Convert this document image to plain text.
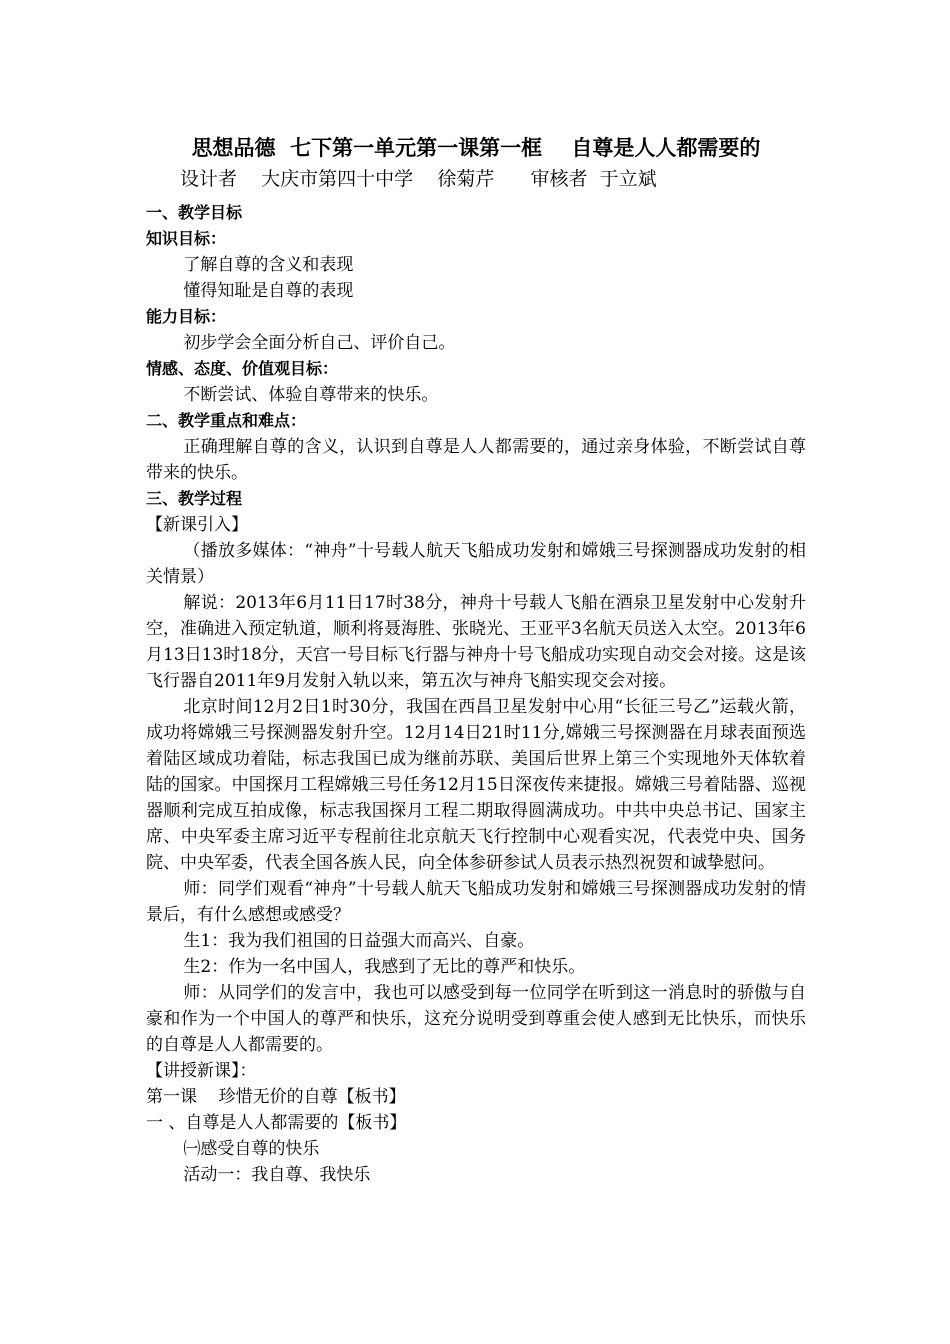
思想品德  七下第一单元第一课第一框    自尊是人人都需要的

设计者    大庆市第四十中学    徐菊芹      审核者  于立斌

一、教学目标

知识目标：

了解自尊的含义和表现

懂得知耻是自尊的表现

能力目标：

初步学会全面分析自己、评价自己。

情感、态度、价值观目标：

不断尝试、体验自尊带来的快乐。

二、教学重点和难点：

正确理解自尊的含义，认识到自尊是人人都需要的，通过亲身体验，不断尝试自尊带来的快乐。

三、教学过程

【新课引入】

（播放多媒体：“神舟”十号载人航天飞船成功发射和嫦娥三号探测器成功发射的相关情景）

解说：2013年6月11日17时38分，神舟十号载人飞船在酒泉卫星发射中心发射升空，准确进入预定轨道，顺利将聂海胜、张晓光、王亚平3名航天员送入太空。2013年6月13日13时18分，天宫一号目标飞行器与神舟十号飞船成功实现自动交会对接。这是该飞行器自2011年9月发射入轨以来，第五次与神舟飞船实现交会对接。

北京时间12月2日1时30分，我国在西昌卫星发射中心用“长征三号乙”运载火箭，成功将嫦娥三号探测器发射升空。12月14日21时11分,嫦娥三号探测器在月球表面预选着陆区域成功着陆，标志我国已成为继前苏联、美国后世界上第三个实现地外天体软着陆的国家。中国探月工程嫦娥三号任务12月15日深夜传来捷报。嫦娥三号着陆器、巡视器顺利完成互拍成像，标志我国探月工程二期取得圆满成功。中共中央总书记、国家主席、中央军委主席习近平专程前往北京航天飞行控制中心观看实况，代表党中央、国务院、中央军委，代表全国各族人民，向全体参研参试人员表示热烈祝贺和诚挚慰问。

师：同学们观看“神舟”十号载人航天飞船成功发射和嫦娥三号探测器成功发射的情景后，有什么感想或感受？

生1：我为我们祖国的日益强大而高兴、自豪。

生2：作为一名中国人，我感到了无比的尊严和快乐。

师：从同学们的发言中，我也可以感受到每一位同学在听到这一消息时的骄傲与自豪和作为一个中国人的尊严和快乐，这充分说明受到尊重会使人感到无比快乐，而快乐的自尊是人人都需要的。

【讲授新课】：

第一课    珍惜无价的自尊【板书】

一 、自尊是人人都需要的【板书】

㈠感受自尊的快乐

活动一：我自尊、我快乐
